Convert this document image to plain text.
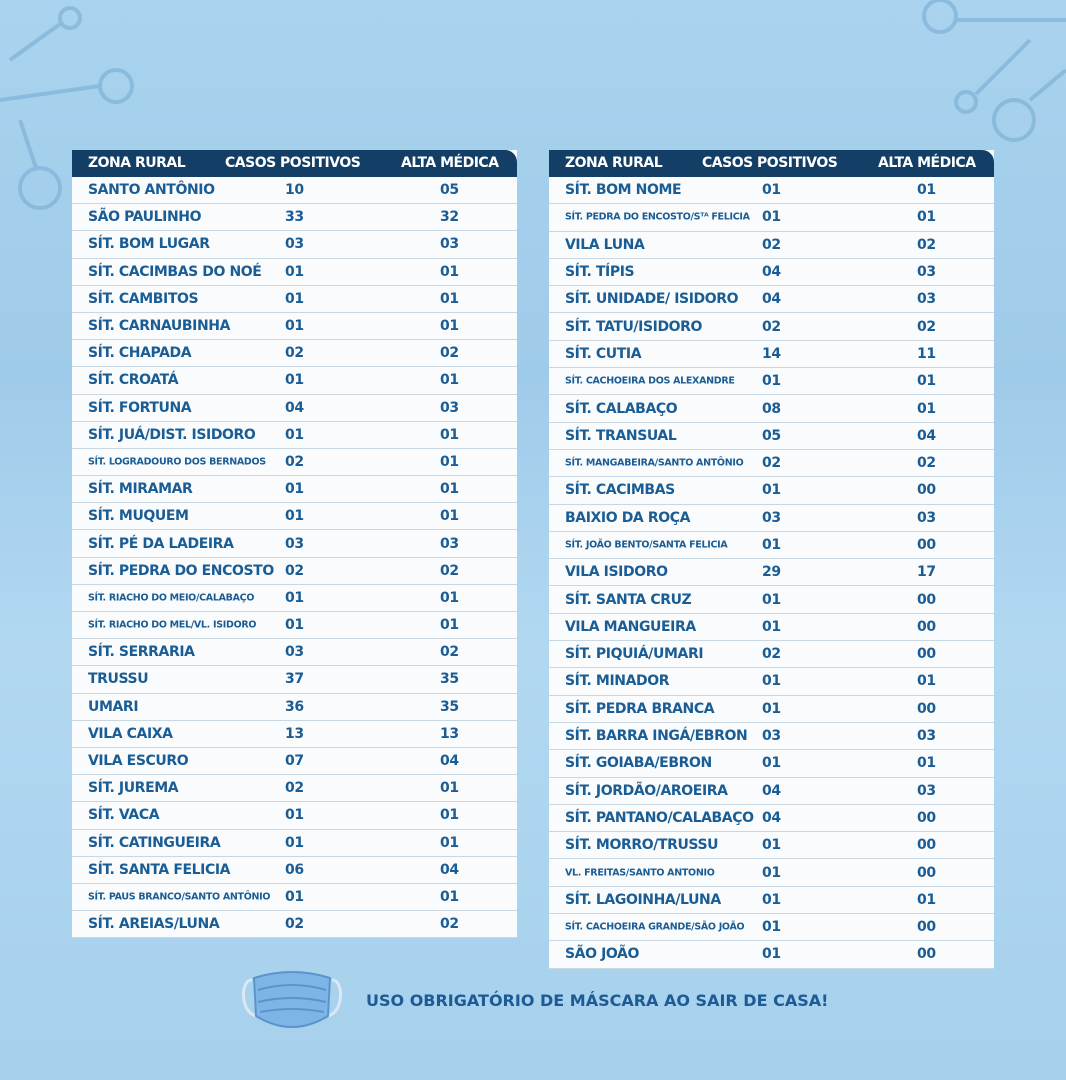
ZONA RURAL	CASOS POSITIVOS	ALTA MÉDICA
SANTO ANTÔNIO	10	05
SÃO PAULINHO	33	32
SÍT. BOM LUGAR	03	03
SÍT. CACIMBAS DO NOÉ 01	01
SÍT. CAMBITOS	01	01
SÍT. CARNAUBINHA	01	01
SÍT. CHAPADA	02	02
SÍT. CROATÁ	01	01
SÍT. FORTUNA	04	03
SÍT. JUÁ/DIST. ISIDORO 01	01
SÍT. LOGRADOURO DOS BERNADOS 02	01
SÍT. MIRAMAR	01	01
SÍT. MUQUEM	01	01
SÍT. PÉ DA LADEIRA	03	03
SÍT. PEDRA DO ENCOSTO 02	02
SÍT. RIACHO DO MEIO/CALABAÇO 01	01
SÍT. RIACHO DO MEL/VL. ISIDORO 01	01
SÍT. SERRARIA	03	02
TRUSSU	37	35
UMARI	36	35
VILA CAIXA	13	13
VILA ESCURO	07	04
SÍT. JUREMA	02	01
SÍT. VACA	01	01
SÍT. CATINGUEIRA	01	01
SÍT. SANTA FELICIA	06	04
SÍT. PAUS BRANCO/SANTO ANTÔNIO 01	01
SÍT. AREIAS/LUNA	02	02
ZONA RURAL	CASOS POSITIVOS	ALTA MÉDICA
SÍT. BOM NOME	01	01
SÍT. PEDRA DO ENCOSTO/Sᵀᴬ FELICIA 01	01
VILA LUNA	02	02
SÍT. TÍPIS	04	03
SÍT. UNIDADE/ ISIDORO 04	03
SÍT. TATU/ISIDORO	02	02
SÍT. CUTIA	14	11
SÍT. CACHOEIRA DOS ALEXANDRE 01	01
SÍT. CALABAÇO	08	01
SÍT. TRANSUAL	05	04
SÍT. MANGABEIRA/SANTO ANTÔNIO 02	02
SÍT. CACIMBAS	01	00
BAIXIO DA ROÇA	03	03
SÍT. JOÃO BENTO/SANTA FELICIA 01	00
VILA ISIDORO	29	17
SÍT. SANTA CRUZ	01	00
VILA MANGUEIRA	01	00
SÍT. PIQUIÁ/UMARI	02	00
SÍT. MINADOR	01	01
SÍT. PEDRA BRANCA	01	00
SÍT. BARRA INGÁ/EBRON 03	03
SÍT. GOIABA/EBRON	01	01
SÍT. JORDÃO/AROEIRA 04	03
SÍT. PANTANO/CALABAÇO 04	00
SÍT. MORRO/TRUSSU	01	00
VL. FREITAS/SANTO ANTONIO	01	00
SÍT. LAGOINHA/LUNA	01	01
SÍT. CACHOEIRA GRANDE/SÃO JOÃO 01	00
SÃO JOÃO	01	00
USO OBRIGATÓRIO DE MÁSCARA AO SAIR DE CASA!
